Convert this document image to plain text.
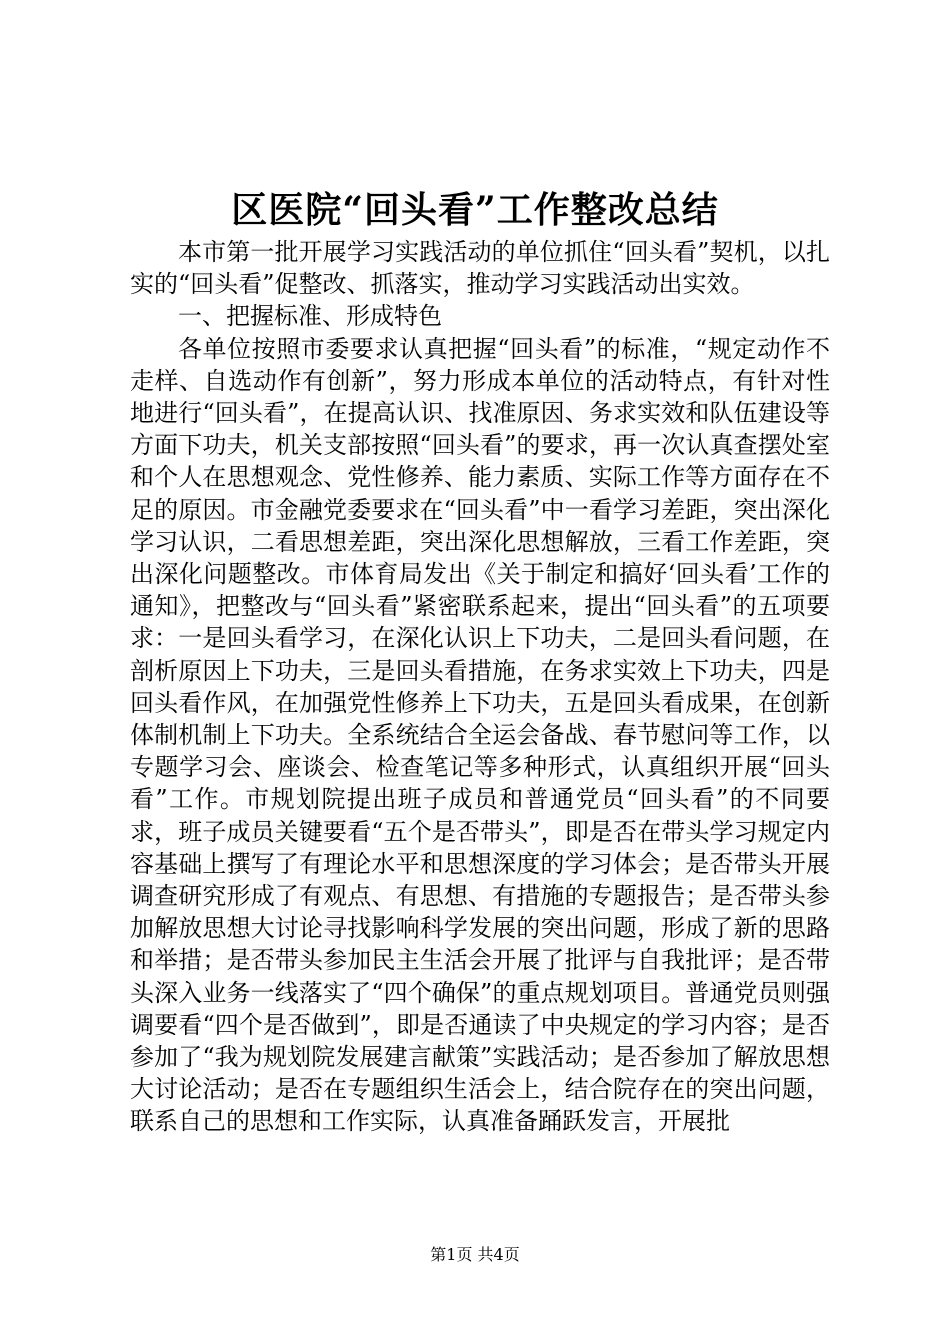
区医院“回头看”工作整改总结

本市第一批开展学习实践活动的单位抓住“回头看”契机，以扎实的“回头看”促整改、抓落实，推动学习实践活动出实效。

一、把握标准、形成特色

各单位按照市委要求认真把握“回头看”的标准，“规定动作不走样、自选动作有创新”，努力形成本单位的活动特点，有针对性地进行“回头看”，在提高认识、找准原因、务求实效和队伍建设等方面下功夫，机关支部按照“回头看”的要求，再一次认真查摆处室和个人在思想观念、党性修养、能力素质、实际工作等方面存在不足的原因。市金融党委要求在“回头看”中一看学习差距，突出深化学习认识，二看思想差距，突出深化思想解放，三看工作差距，突出深化问题整改。市体育局发出《关于制定和搞好‘回头看’工作的通知》，把整改与“回头看”紧密联系起来，提出“回头看”的五项要求：一是回头看学习，在深化认识上下功夫，二是回头看问题，在剖析原因上下功夫，三是回头看措施，在务求实效上下功夫，四是回头看作风，在加强党性修养上下功夫，五是回头看成果，在创新体制机制上下功夫。全系统结合全运会备战、春节慰问等工作，以专题学习会、座谈会、检查笔记等多种形式，认真组织开展“回头看”工作。市规划院提出班子成员和普通党员“回头看”的不同要求，班子成员关键要看“五个是否带头”，即是否在带头学习规定内容基础上撰写了有理论水平和思想深度的学习体会；是否带头开展调查研究形成了有观点、有思想、有措施的专题报告；是否带头参加解放思想大讨论寻找影响科学发展的突出问题，形成了新的思路和举措；是否带头参加民主生活会开展了批评与自我批评；是否带头深入业务一线落实了“四个确保”的重点规划项目。普通党员则强调要看“四个是否做到”，即是否通读了中央规定的学习内容；是否参加了“我为规划院发展建言献策”实践活动；是否参加了解放思想大讨论活动；是否在专题组织生活会上，结合院存在的突出问题，联系自己的思想和工作实际，认真准备踊跃发言，开展批

第1页 共4页
